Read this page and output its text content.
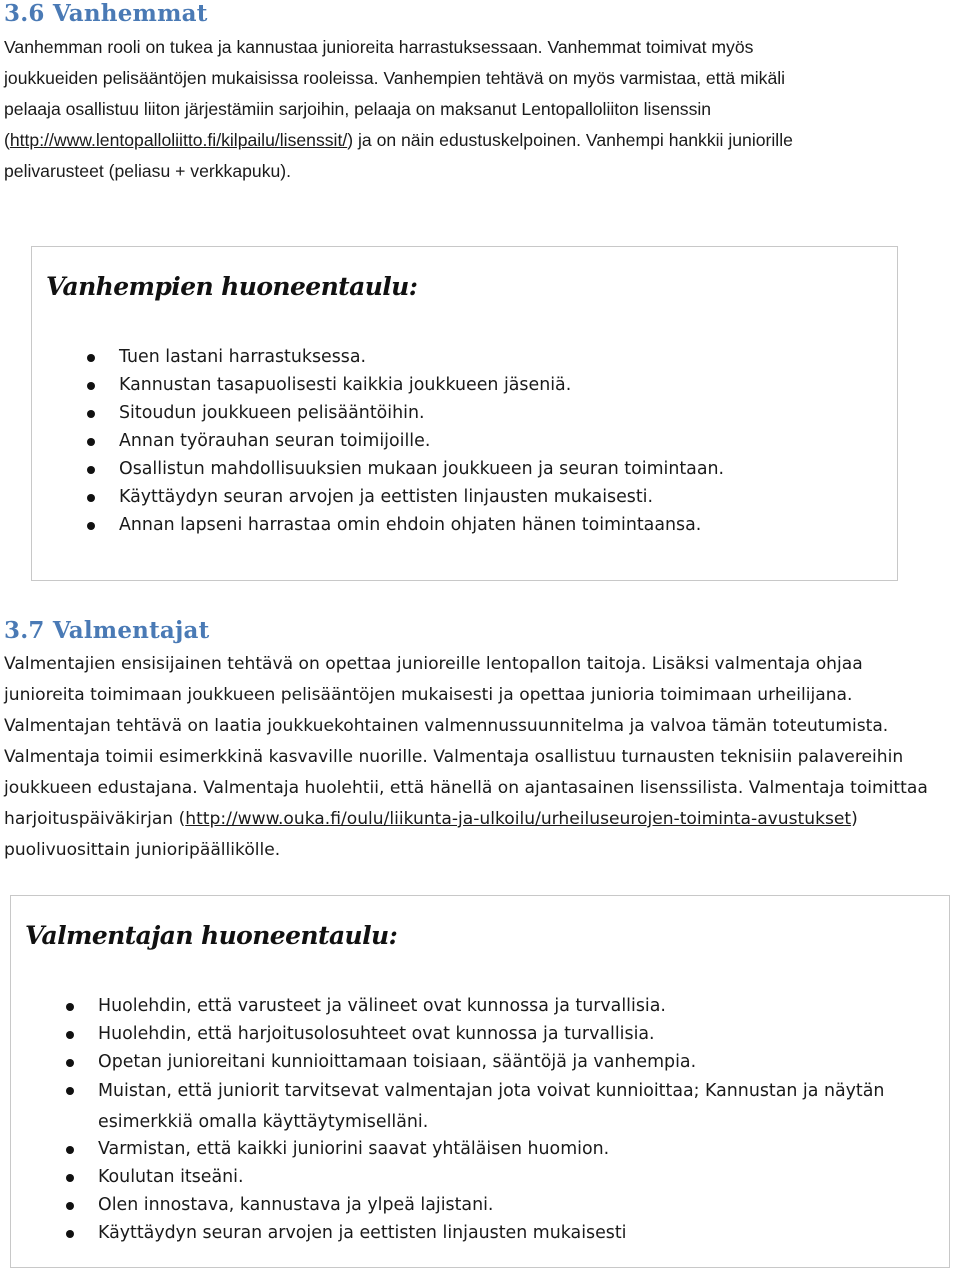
3.6 Vanhemmat
Vanhemman rooli on tukea ja kannustaa junioreita harrastuksessaan. Vanhemmat toimivat myös
joukkueiden pelisääntöjen mukaisissa rooleissa. Vanhempien tehtävä on myös varmistaa, että mikäli
pelaaja osallistuu liiton järjestämiin sarjoihin, pelaaja on maksanut Lentopalloliiton lisenssin
(http://www.lentopalloliitto.fi/kilpailu/lisenssit/) ja on näin edustuskelpoinen. Vanhempi hankkii juniorille
pelivarusteet (peliasu + verkkapuku).
Vanhempien huoneentaulu:
Tuen lastani harrastuksessa.
Kannustan tasapuolisesti kaikkia joukkueen jäseniä.
Sitoudun joukkueen pelisääntöihin.
Annan työrauhan seuran toimijoille.
Osallistun mahdollisuuksien mukaan joukkueen ja seuran toimintaan.
Käyttäydyn seuran arvojen ja eettisten linjausten mukaisesti.
Annan lapseni harrastaa omin ehdoin ohjaten hänen toimintaansa.
3.7 Valmentajat
Valmentajien ensisijainen tehtävä on opettaa junioreille lentopallon taitoja. Lisäksi valmentaja ohjaa
junioreita toimimaan joukkueen pelisääntöjen mukaisesti ja opettaa junioria toimimaan urheilijana.
Valmentajan tehtävä on laatia joukkuekohtainen valmennussuunnitelma ja valvoa tämän toteutumista.
Valmentaja toimii esimerkkinä kasvaville nuorille. Valmentaja osallistuu turnausten teknisiin palavereihin
joukkueen edustajana. Valmentaja huolehtii, että hänellä on ajantasainen lisenssilista. Valmentaja toimittaa
harjoituspäiväkirjan (http://www.ouka.fi/oulu/liikunta-ja-ulkoilu/urheiluseurojen-toiminta-avustukset)
puolivuosittain junioripäällikölle.
Valmentajan huoneentaulu:
Huolehdin, että varusteet ja välineet ovat kunnossa ja turvallisia.
Huolehdin, että harjoitusolosuhteet ovat kunnossa ja turvallisia.
Opetan junioreitani kunnioittamaan toisiaan, sääntöjä ja vanhempia.
Muistan, että juniorit tarvitsevat valmentajan jota voivat kunnioittaa; Kannustan ja näytän esimerkkiä omalla käyttäytymiselläni.
Varmistan, että kaikki juniorini saavat yhtäläisen huomion.
Koulutan itseäni.
Olen innostava, kannustava ja ylpeä lajistani.
Käyttäydyn seuran arvojen ja eettisten linjausten mukaisesti
